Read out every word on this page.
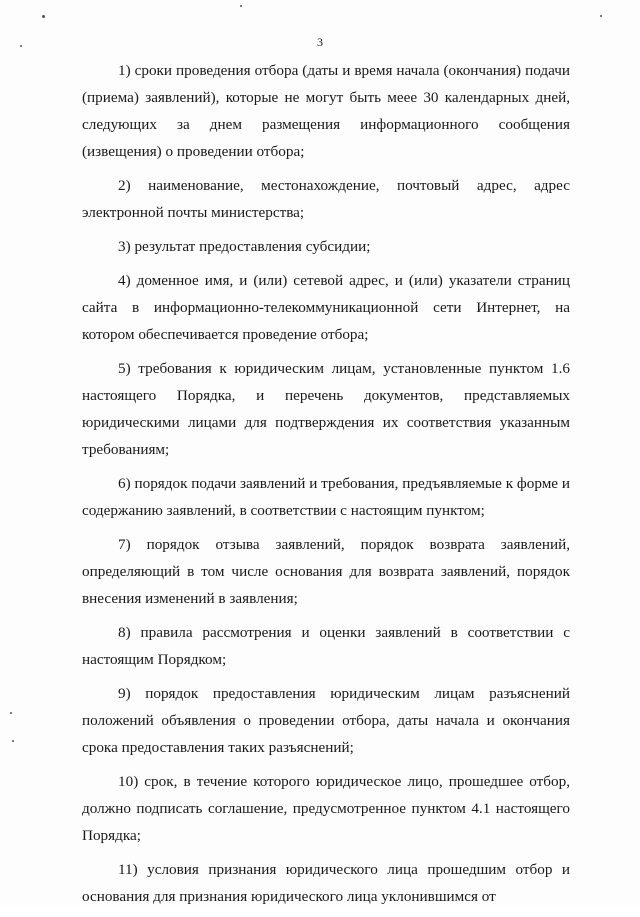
3

1) сроки проведения отбора (даты и время начала (окончания) подачи (приема) заявлений), которые не могут быть меее 30 календарных дней, следующих за днем размещения информационного сообщения (извещения) о проведении отбора;

2) наименование, местонахождение, почтовый адрес, адрес электронной почты министерства;

3) результат предоставления субсидии;

4) доменное имя, и (или) сетевой адрес, и (или) указатели страниц сайта в информационно-телекоммуникационной сети Интернет, на котором обеспечивается проведение отбора;

5) требования к юридическим лицам, установленные пунктом 1.6 настоящего Порядка, и перечень документов, представляемых юридическими лицами для подтверждения их соответствия указанным требованиям;

6) порядок подачи заявлений и требования, предъявляемые к форме и содержанию заявлений, в соответствии с настоящим пунктом;

7) порядок отзыва заявлений, порядок возврата заявлений, определяющий в том числе основания для возврата заявлений, порядок внесения изменений в заявления;

8) правила рассмотрения и оценки заявлений в соответствии с настоящим Порядком;

9) порядок предоставления юридическим лицам разъяснений положений объявления о проведении отбора, даты начала и окончания срока предоставления таких разъяснений;

10) срок, в течение которого юридическое лицо, прошедшее отбор, должно подписать соглашение, предусмотренное пунктом 4.1 настоящего Порядка;

11) условия признания юридического лица прошедшим отбор и основания для признания юридического лица уклонившимся от
